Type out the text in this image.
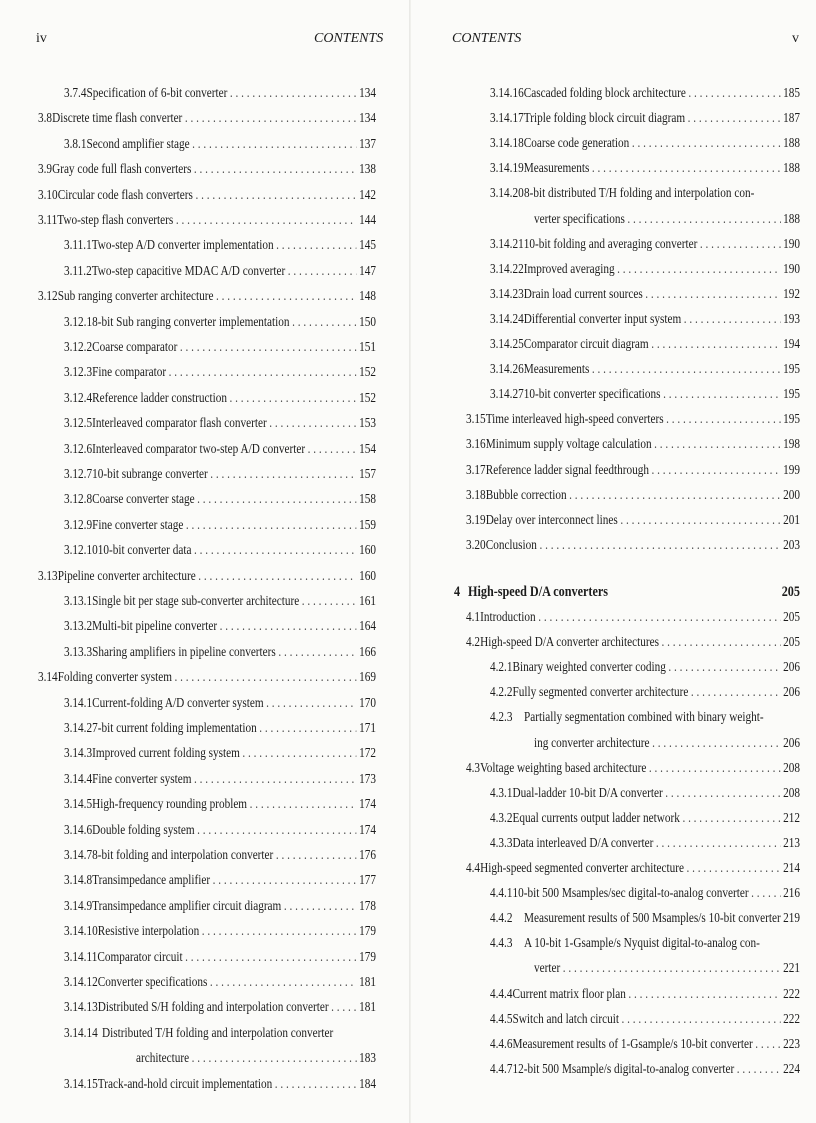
iv	CONTENTS
3.7.4 Specification of 6-bit converter . . .	134
3.8 Discrete time flash converter . . .	134
3.8.1 Second amplifier stage . . .	137
3.9 Gray code full flash converters . . .	138
3.10 Circular code flash converters . . .	142
3.11 Two-step flash converters . . .	144
3.11.1 Two-step A/D converter implementation . . .	145
3.11.2 Two-step capacitive MDAC A/D converter . . .	147
3.12 Sub ranging converter architecture . . .	148
3.12.1 8-bit Sub ranging converter implementation . . .	150
3.12.2 Coarse comparator . . .	151
3.12.3 Fine comparator . . .	152
3.12.4 Reference ladder construction . . .	152
3.12.5 Interleaved comparator flash converter . . .	153
3.12.6 Interleaved comparator two-step A/D converter . . .	154
3.12.7 10-bit subrange converter . . .	157
3.12.8 Coarse converter stage . . .	158
3.12.9 Fine converter stage . . .	159
3.12.10 10-bit converter data . . .	160
3.13 Pipeline converter architecture . . .	160
3.13.1 Single bit per stage sub-converter architecture . . .	161
3.13.2 Multi-bit pipeline converter . . .	164
3.13.3 Sharing amplifiers in pipeline converters . . .	166
3.14 Folding converter system . . .	169
3.14.1 Current-folding A/D converter system . . .	170
3.14.2 7-bit current folding implementation . . .	171
3.14.3 Improved current folding system . . .	172
3.14.4 Fine converter system . . .	173
3.14.5 High-frequency rounding problem . . .	174
3.14.6 Double folding system . . .	174
3.14.7 8-bit folding and interpolation converter . . .	176
3.14.8 Transimpedance amplifier . . .	177
3.14.9 Transimpedance amplifier circuit diagram . . .	178
3.14.10 Resistive interpolation . . .	179
3.14.11 Comparator circuit . . .	179
3.14.12 Converter specifications . . .	181
3.14.13 Distributed S/H folding and interpolation converter . . . 181
3.14.14 Distributed T/H folding and interpolation converter
architecture . . .	183
3.14.15 Track-and-hold circuit implementation . . .	184
CONTENTS	v
3.14.16 Cascaded folding block architecture . . .	185
3.14.17 Triple folding block circuit diagram . . .	187
3.14.18 Coarse code generation . . .	188
3.14.19 Measurements . . .	188
3.14.20 8-bit distributed T/H folding and interpolation con-
verter specifications . . .	188
3.14.21 10-bit folding and averaging converter . . .	190
3.14.22 Improved averaging . . .	190
3.14.23 Drain load current sources . . .	192
3.14.24 Differential converter input system . . .	193
3.14.25 Comparator circuit diagram . . .	194
3.14.26 Measurements . . .	195
3.14.27 10-bit converter specifications . . .	195
3.15 Time interleaved high-speed converters . . .	195
3.16 Minimum supply voltage calculation . . .	198
3.17 Reference ladder signal feedthrough . . .	199
3.18 Bubble correction . . .	200
3.19 Delay over interconnect lines . . .	201
3.20 Conclusion . . .	203
4 High-speed D/A converters	205
4.1 Introduction . . .	205
4.2 High-speed D/A converter architectures . . .	205
4.2.1 Binary weighted converter coding . . .	206
4.2.2 Fully segmented converter architecture . . .	206
4.2.3 Partially segmentation combined with binary weight-
ing converter architecture . . .	206
4.3 Voltage weighting based architecture . . .	208
4.3.1 Dual-ladder 10-bit D/A converter . . .	208
4.3.2 Equal currents output ladder network . . .	212
4.3.3 Data interleaved D/A converter . . .	213
4.4 High-speed segmented converter architecture . . .	214
4.4.1 10-bit 500 Msamples/sec digital-to-analog converter . . .	216
4.4.2 Measurement results of 500 Msamples/s 10-bit converter 219
4.4.3 A 10-bit 1-Gsample/s Nyquist digital-to-analog con-
verter . . .	221
4.4.4 Current matrix floor plan . . .	222
4.4.5 Switch and latch circuit . . .	222
4.4.6 Measurement results of 1-Gsample/s 10-bit converter . . . 223
4.4.7 12-bit 500 Msample/s digital-to-analog converter . . .	224
